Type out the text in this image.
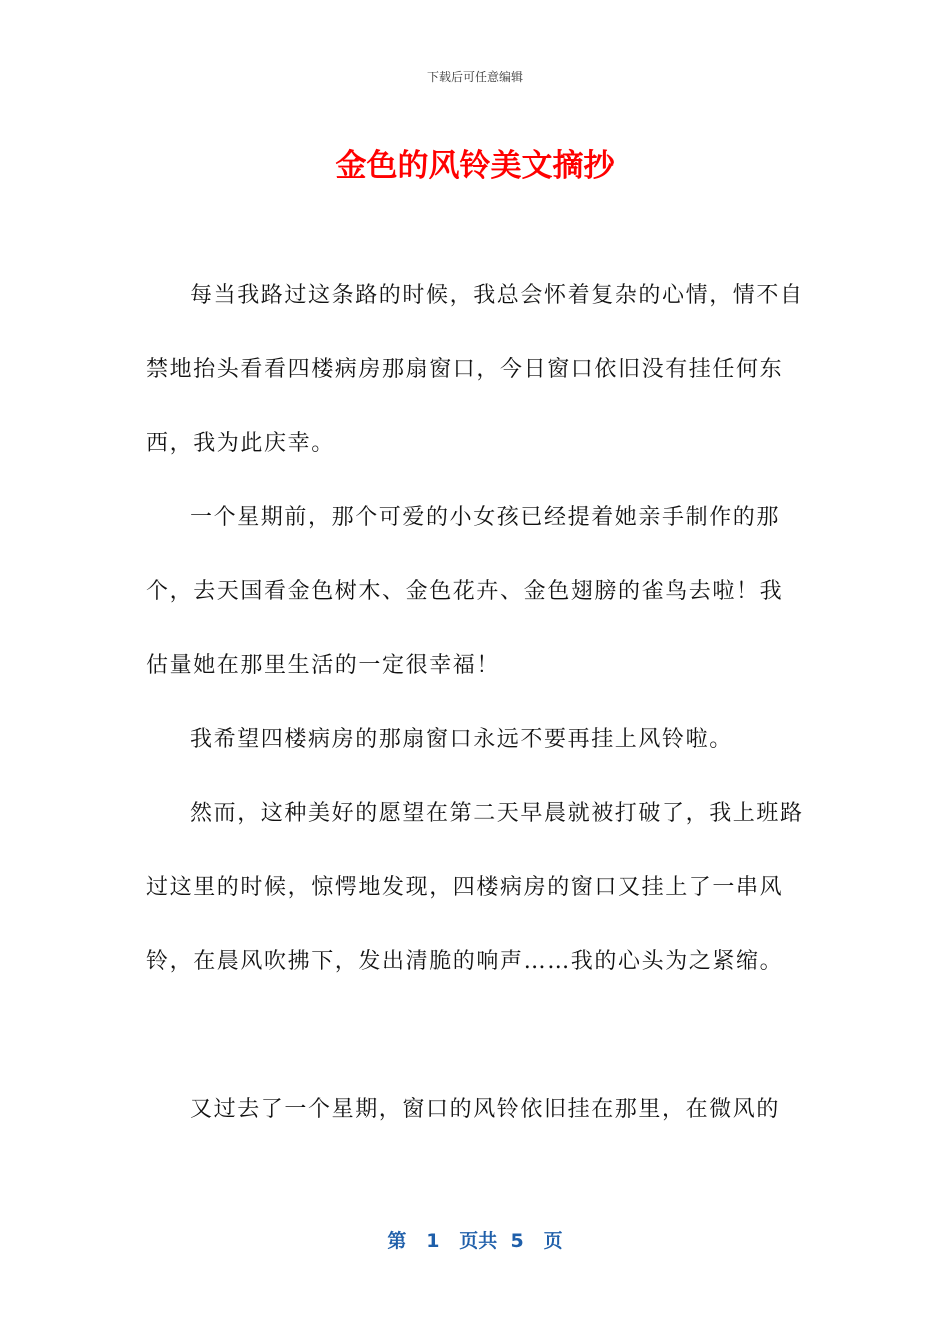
下载后可任意编辑
金色的风铃美文摘抄

每当我路过这条路的时候，我总会怀着复杂的心情，情不自禁地抬头看看四楼病房那扇窗口，今日窗口依旧没有挂任何东西，我为此庆幸。

一个星期前，那个可爱的小女孩已经提着她亲手制作的那个，去天国看金色树木、金色花卉、金色翅膀的雀鸟去啦！我估量她在那里生活的一定很幸福！

我希望四楼病房的那扇窗口永远不要再挂上风铃啦。

然而，这种美好的愿望在第二天早晨就被打破了，我上班路过这里的时候，惊愕地发现，四楼病房的窗口又挂上了一串风铃，在晨风吹拂下，发出清脆的响声……我的心头为之紧缩。

又过去了一个星期，窗口的风铃依旧挂在那里，在微风的

第 1 页共 5 页
